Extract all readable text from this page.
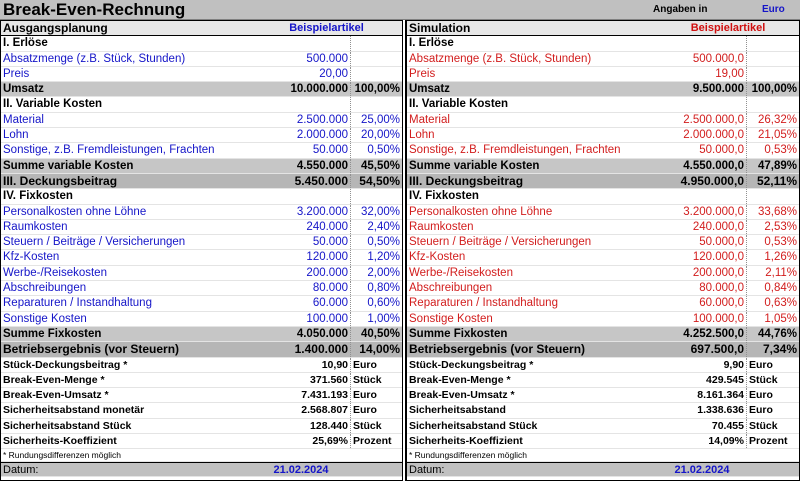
Break-Even-Rechnung	Angaben in	Euro
Ausgangsplanung	Beispielartikel
I. Erlöse
Absatzmenge (z.B. Stück, Stunden)	500.000
Preis	20,00
Umsatz	10.000.000 100,00%
II. Variable Kosten
Material	2.500.000	25,00%
Lohn	2.000.000	20,00%
Sonstige, z.B. Fremdleistungen, Frachten	50.000	0,50%
Summe variable Kosten	4.550.000	45,50%
III. Deckungsbeitrag	5.450.000 54,50%
IV. Fixkosten
Personalkosten ohne Löhne	3.200.000	32,00%
Raumkosten	240.000	2,40%
Steuern / Beiträge / Versicherungen	50.000	0,50%
Kfz-Kosten	120.000	1,20%
Werbe-/Reisekosten	200.000	2,00%
Abschreibungen	80.000	0,80%
Reparaturen / Instandhaltung	60.000	0,60%
Sonstige Kosten	100.000	1,00%
Summe Fixkosten	4.050.000	40,50%
Betriebsergebnis (vor Steuern)	1.400.000 14,00%
Stück-Deckungsbeitrag *	10,90 Euro
Break-Even-Menge *	371.560 Stück
Break-Even-Umsatz *	7.431.193 Euro
Sicherheitsabstand monetär	2.568.807 Euro
Sicherheitsabstand Stück	128.440 Stück
Sicherheits-Koeffizient	25,69% Prozent
* Rundungsdifferenzen möglich
Datum:	21.02.2024
Simulation	Beispielartikel
I. Erlöse
Absatzmenge (z.B. Stück, Stunden)	500.000,0
Preis	19,00
Umsatz	9.500.000 100,00%
II. Variable Kosten
Material	2.500.000,0	26,32%
Lohn	2.000.000,0	21,05%
Sonstige, z.B. Fremdleistungen, Frachten	50.000,0	0,53%
Summe variable Kosten	4.550.000,0	47,89%
III. Deckungsbeitrag	4.950.000,0	52,11%
IV. Fixkosten
Personalkosten ohne Löhne	3.200.000,0	33,68%
Raumkosten	240.000,0	2,53%
Steuern / Beiträge / Versicherungen	50.000,0	0,53%
Kfz-Kosten	120.000,0	1,26%
Werbe-/Reisekosten	200.000,0	2,11%
Abschreibungen	80.000,0	0,84%
Reparaturen / Instandhaltung	60.000,0	0,63%
Sonstige Kosten	100.000,0	1,05%
Summe Fixkosten	4.252.500,0	44,76%
Betriebsergebnis (vor Steuern)	697.500,0	7,34%
Stück-Deckungsbeitrag *	9,90 Euro
Break-Even-Menge *	429.545 Stück
Break-Even-Umsatz *	8.161.364 Euro
Sicherheitsabstand	1.338.636 Euro
Sicherheitsabstand Stück	70.455 Stück
Sicherheits-Koeffizient	14,09% Prozent
* Rundungsdifferenzen möglich
Datum:	21.02.2024
